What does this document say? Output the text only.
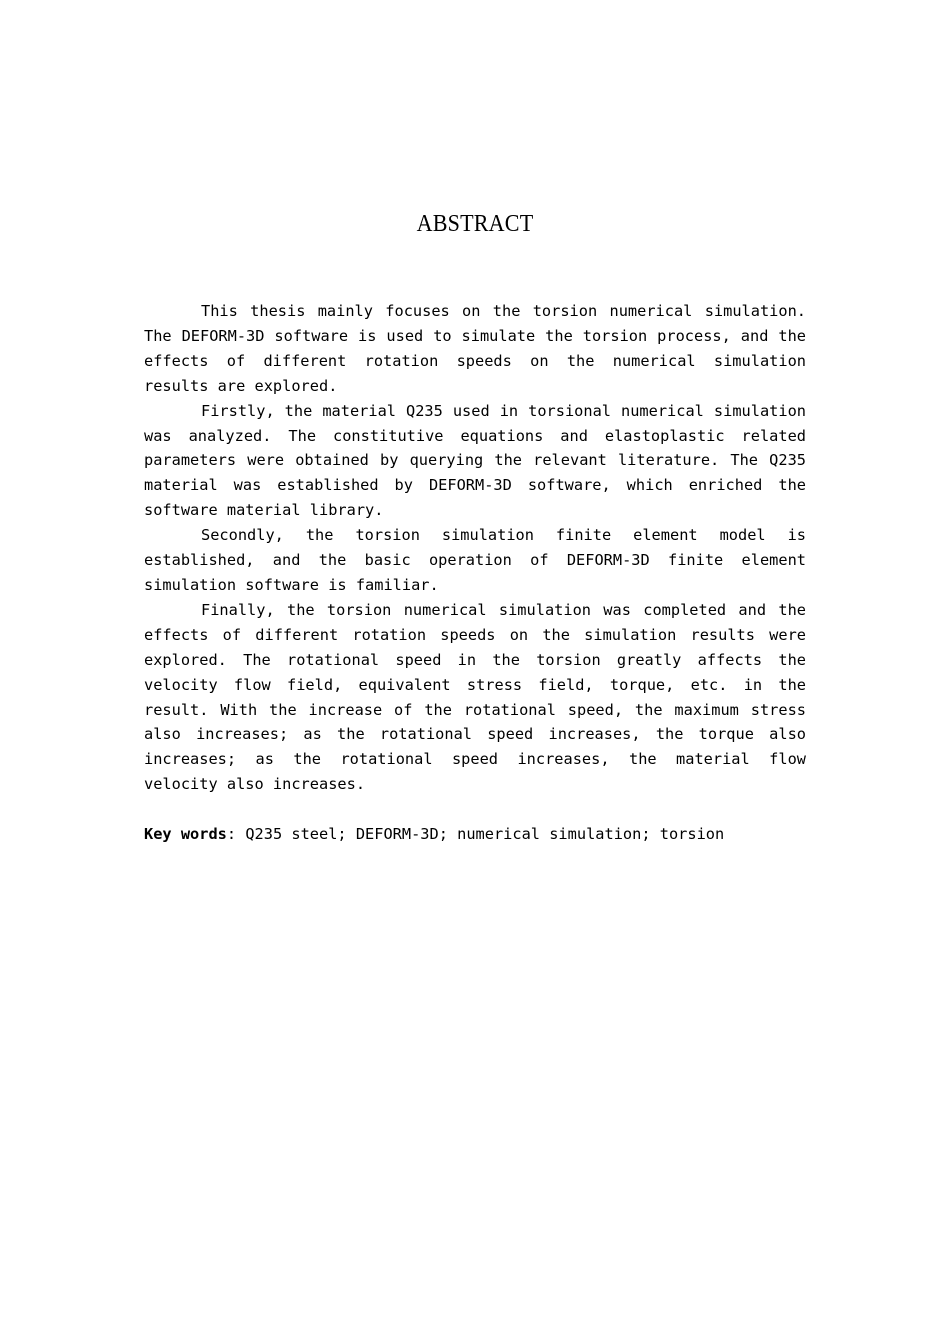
ABSTRACT

This thesis mainly focuses on the torsion numerical simulation. The DEFORM-3D software is used to simulate the torsion process, and the effects of different rotation speeds on the numerical simulation results are explored.

Firstly, the material Q235 used in torsional numerical simulation was analyzed. The constitutive equations and elastoplastic related parameters were obtained by querying the relevant literature. The Q235 material was established by DEFORM-3D software, which enriched the software material library.

Secondly, the torsion simulation finite element model is established, and the basic operation of DEFORM-3D finite element simulation software is familiar.

Finally, the torsion numerical simulation was completed and the effects of different rotation speeds on the simulation results were explored. The rotational speed in the torsion greatly affects the velocity flow field, equivalent stress field, torque, etc. in the result. With the increase of the rotational speed, the maximum stress also increases; as the rotational speed increases, the torque also increases; as the rotational speed increases, the material flow velocity also increases.

Key words: Q235 steel; DEFORM-3D; numerical simulation; torsion
